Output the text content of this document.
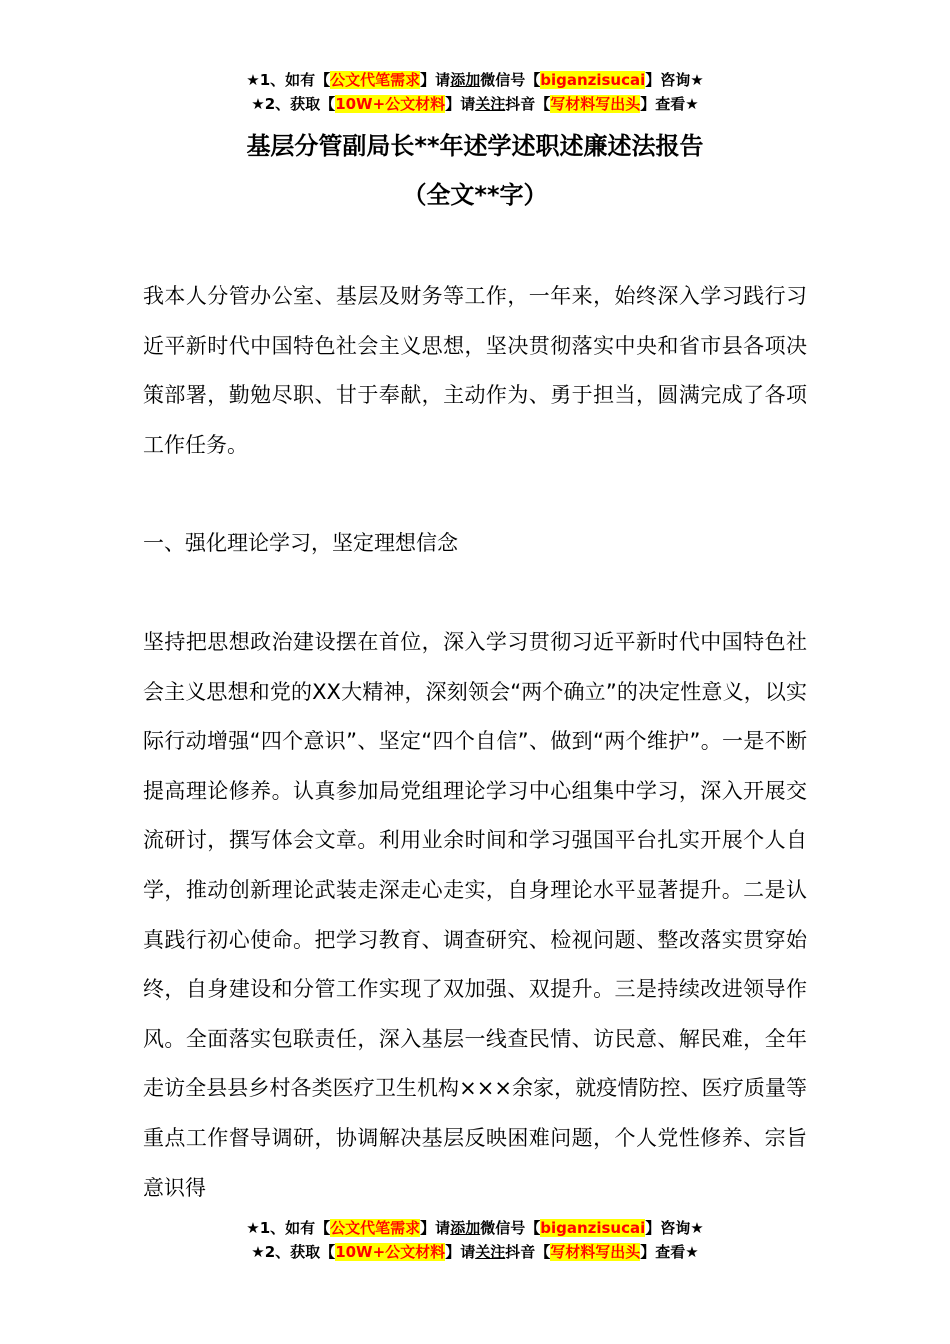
★1、如有【公文代笔需求】请添加微信号【biganzisucai】咨询★
★2、获取【10W+公文材料】请关注抖音【写材料写出头】查看★
基层分管副局长**年述学述职述廉述法报告
（全文**字）
我本人分管办公室、基层及财务等工作，一年来，始终深入学习践行习近平新时代中国特色社会主义思想，坚决贯彻落实中央和省市县各项决策部署，勤勉尽职、甘于奉献，主动作为、勇于担当，圆满完成了各项工作任务。
一、强化理论学习，坚定理想信念
坚持把思想政治建设摆在首位，深入学习贯彻习近平新时代中国特色社会主义思想和党的XX大精神，深刻领会“两个确立”的决定性意义，以实际行动增强“四个意识”、坚定“四个自信”、做到“两个维护”。一是不断提高理论修养。认真参加局党组理论学习中心组集中学习，深入开展交流研讨，撰写体会文章。利用业余时间和学习强国平台扎实开展个人自学，推动创新理论武装走深走心走实，自身理论水平显著提升。二是认真践行初心使命。把学习教育、调查研究、检视问题、整改落实贯穿始终，自身建设和分管工作实现了双加强、双提升。三是持续改进领导作风。全面落实包联责任，深入基层一线查民情、访民意、解民难，全年走访全县县乡村各类医疗卫生机构×××余家，就疫情防控、医疗质量等重点工作督导调研，协调解决基层反映困难问题，个人党性修养、宗旨意识得
★1、如有【公文代笔需求】请添加微信号【biganzisucai】咨询★
★2、获取【10W+公文材料】请关注抖音【写材料写出头】查看★
